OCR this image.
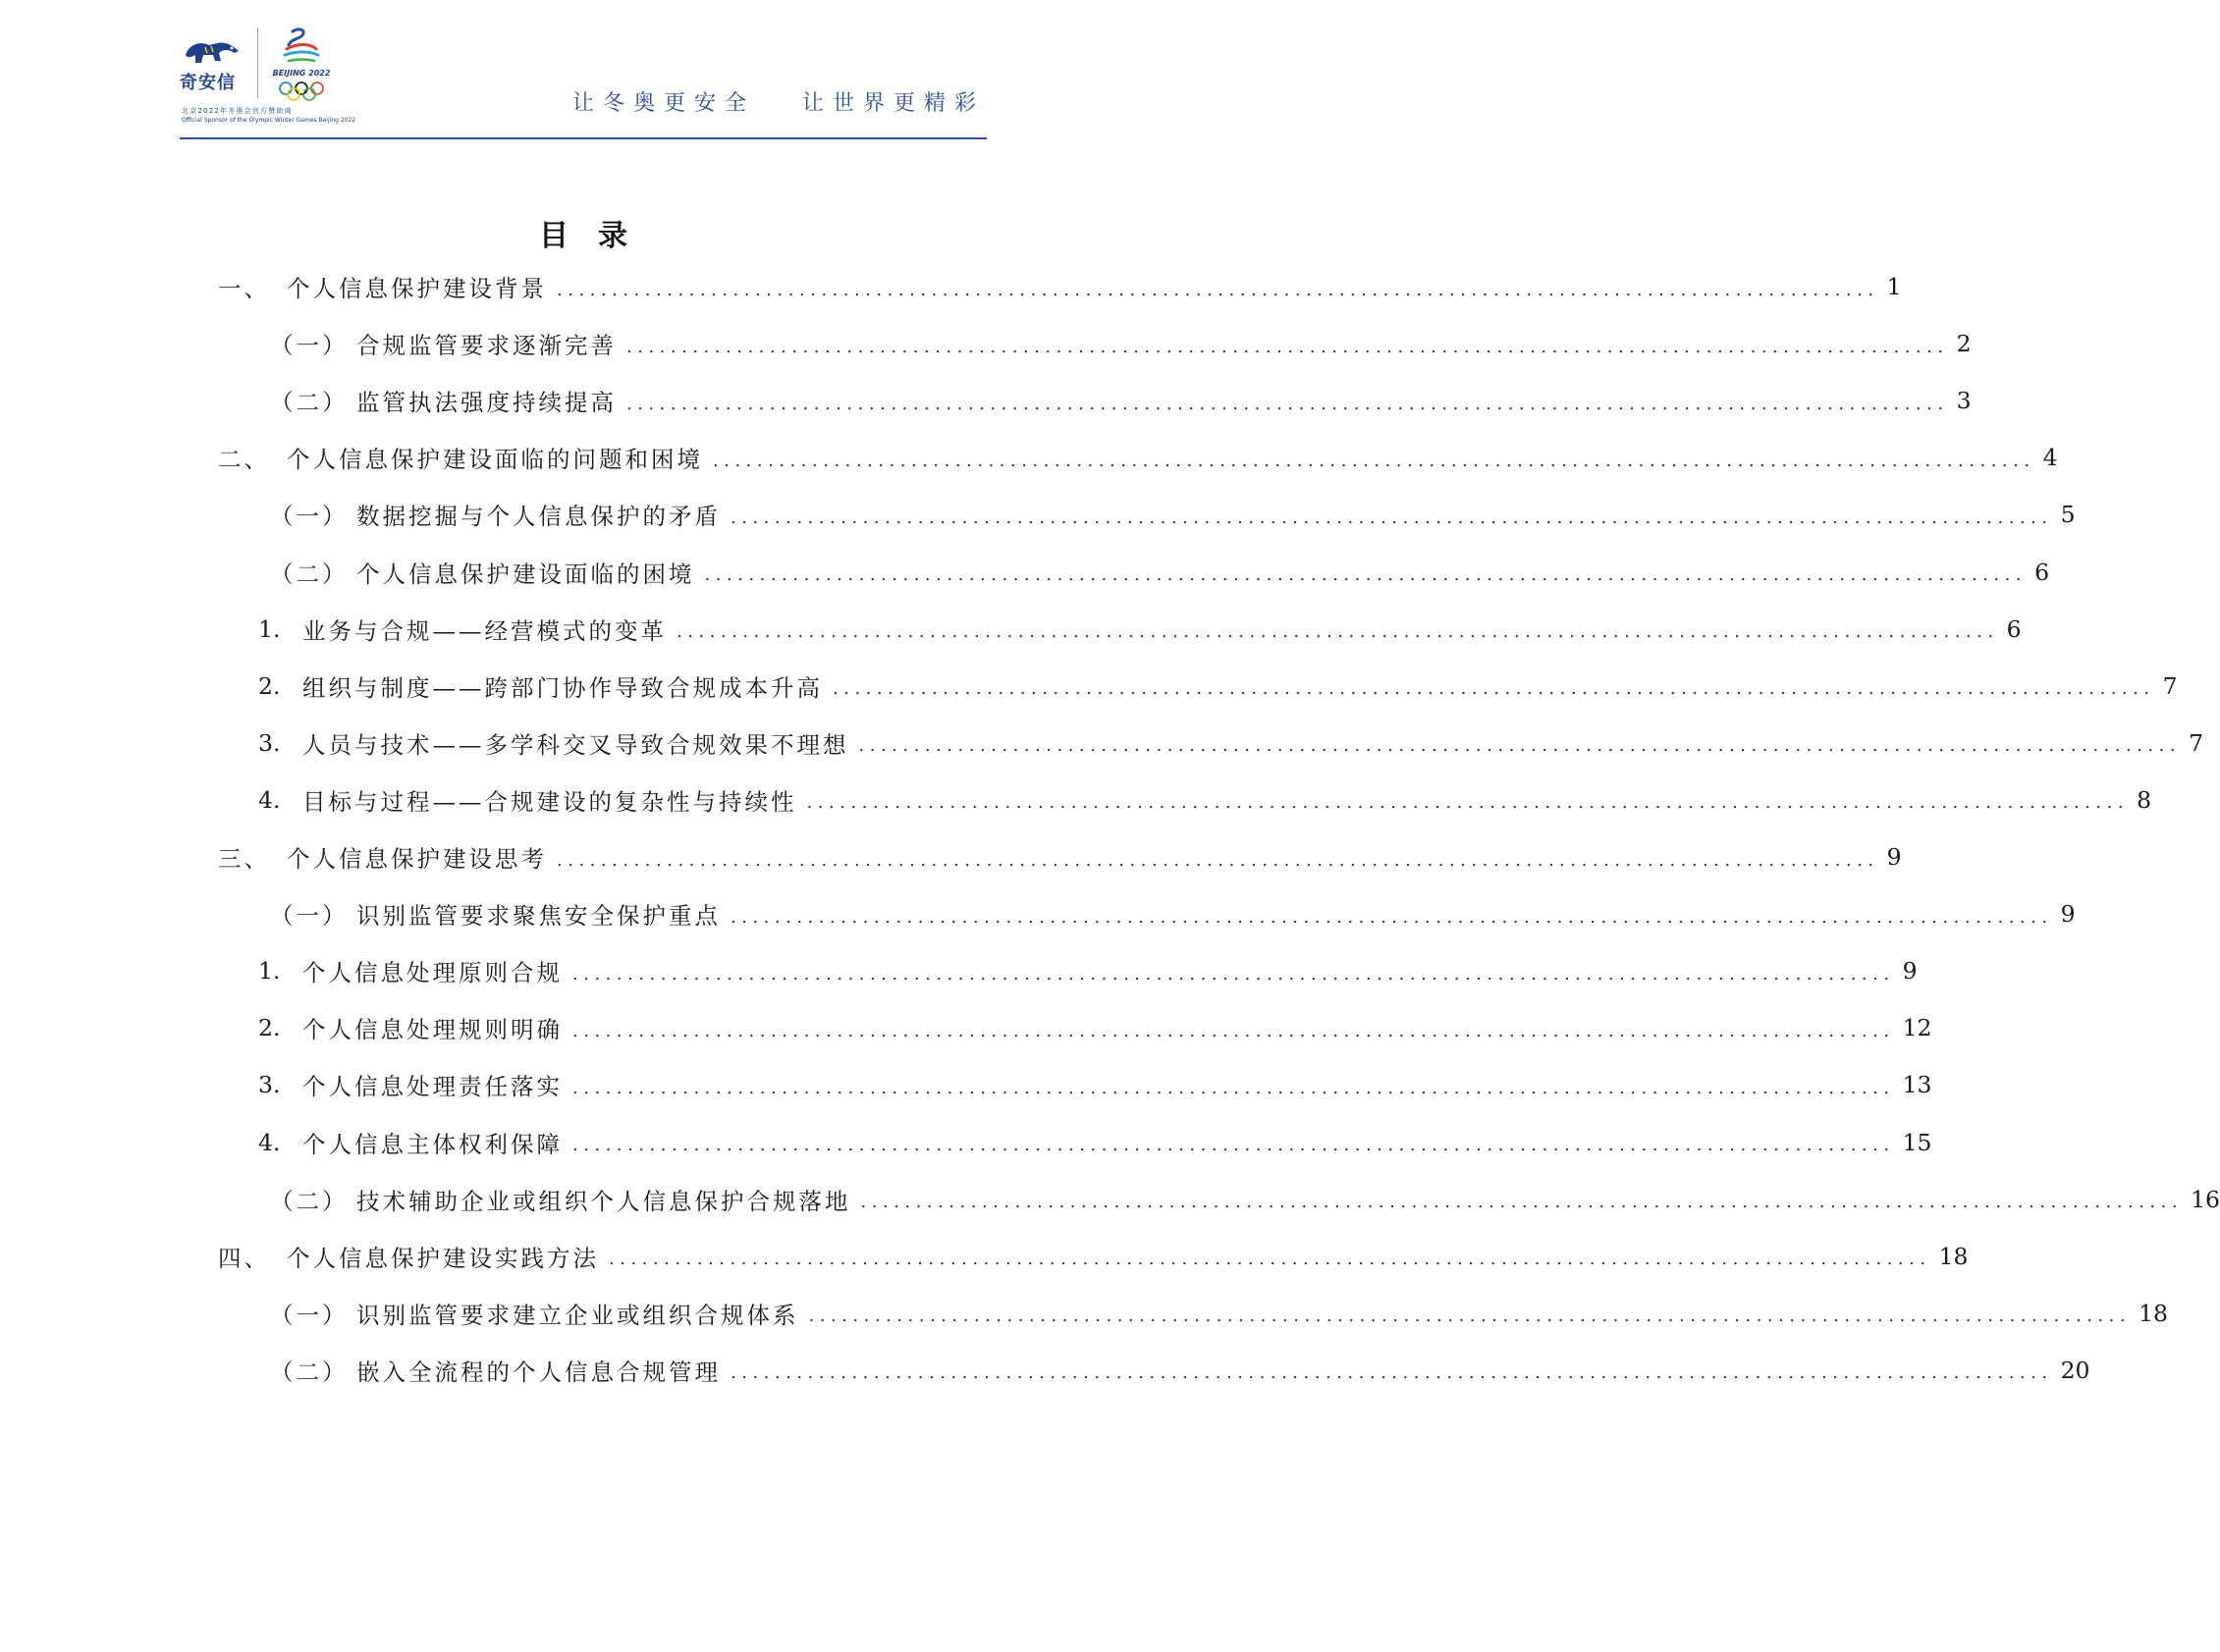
奇安信	BEIJING 2022
北京2022年冬奥会官方赞助商
Official Sponsor of the Olympic Winter Games Beijing 2022
让冬奥更安全   让世界更精彩
目录
一、 个人信息保护建设背景 ........................................................................................................................ 1
（一） 合规监管要求逐渐完善 ........................................................................................................................ 2
（二） 监管执法强度持续提高 ........................................................................................................................ 3
二、 个人信息保护建设面临的问题和困境 ........................................................................................................................ 4
（一） 数据挖掘与个人信息保护的矛盾 ........................................................................................................................ 5
（二） 个人信息保护建设面临的困境 ........................................................................................................................ 6
1. 业务与合规——经营模式的变革 ........................................................................................................................ 6
2. 组织与制度——跨部门协作导致合规成本升高 ........................................................................................................................ 7
3. 人员与技术——多学科交叉导致合规效果不理想 ........................................................................................................................ 7
4. 目标与过程——合规建设的复杂性与持续性 ........................................................................................................................ 8
三、 个人信息保护建设思考 ........................................................................................................................ 9
（一） 识别监管要求聚焦安全保护重点 ........................................................................................................................ 9
1. 个人信息处理原则合规 ........................................................................................................................ 9
2. 个人信息处理规则明确 ........................................................................................................................ 12
3. 个人信息处理责任落实 ........................................................................................................................ 13
4. 个人信息主体权利保障 ........................................................................................................................ 15
（二） 技术辅助企业或组织个人信息保护合规落地 ........................................................................................................................ 16
四、 个人信息保护建设实践方法 ........................................................................................................................ 18
（一） 识别监管要求建立企业或组织合规体系 ........................................................................................................................ 18
（二） 嵌入全流程的个人信息合规管理 ........................................................................................................................ 20
